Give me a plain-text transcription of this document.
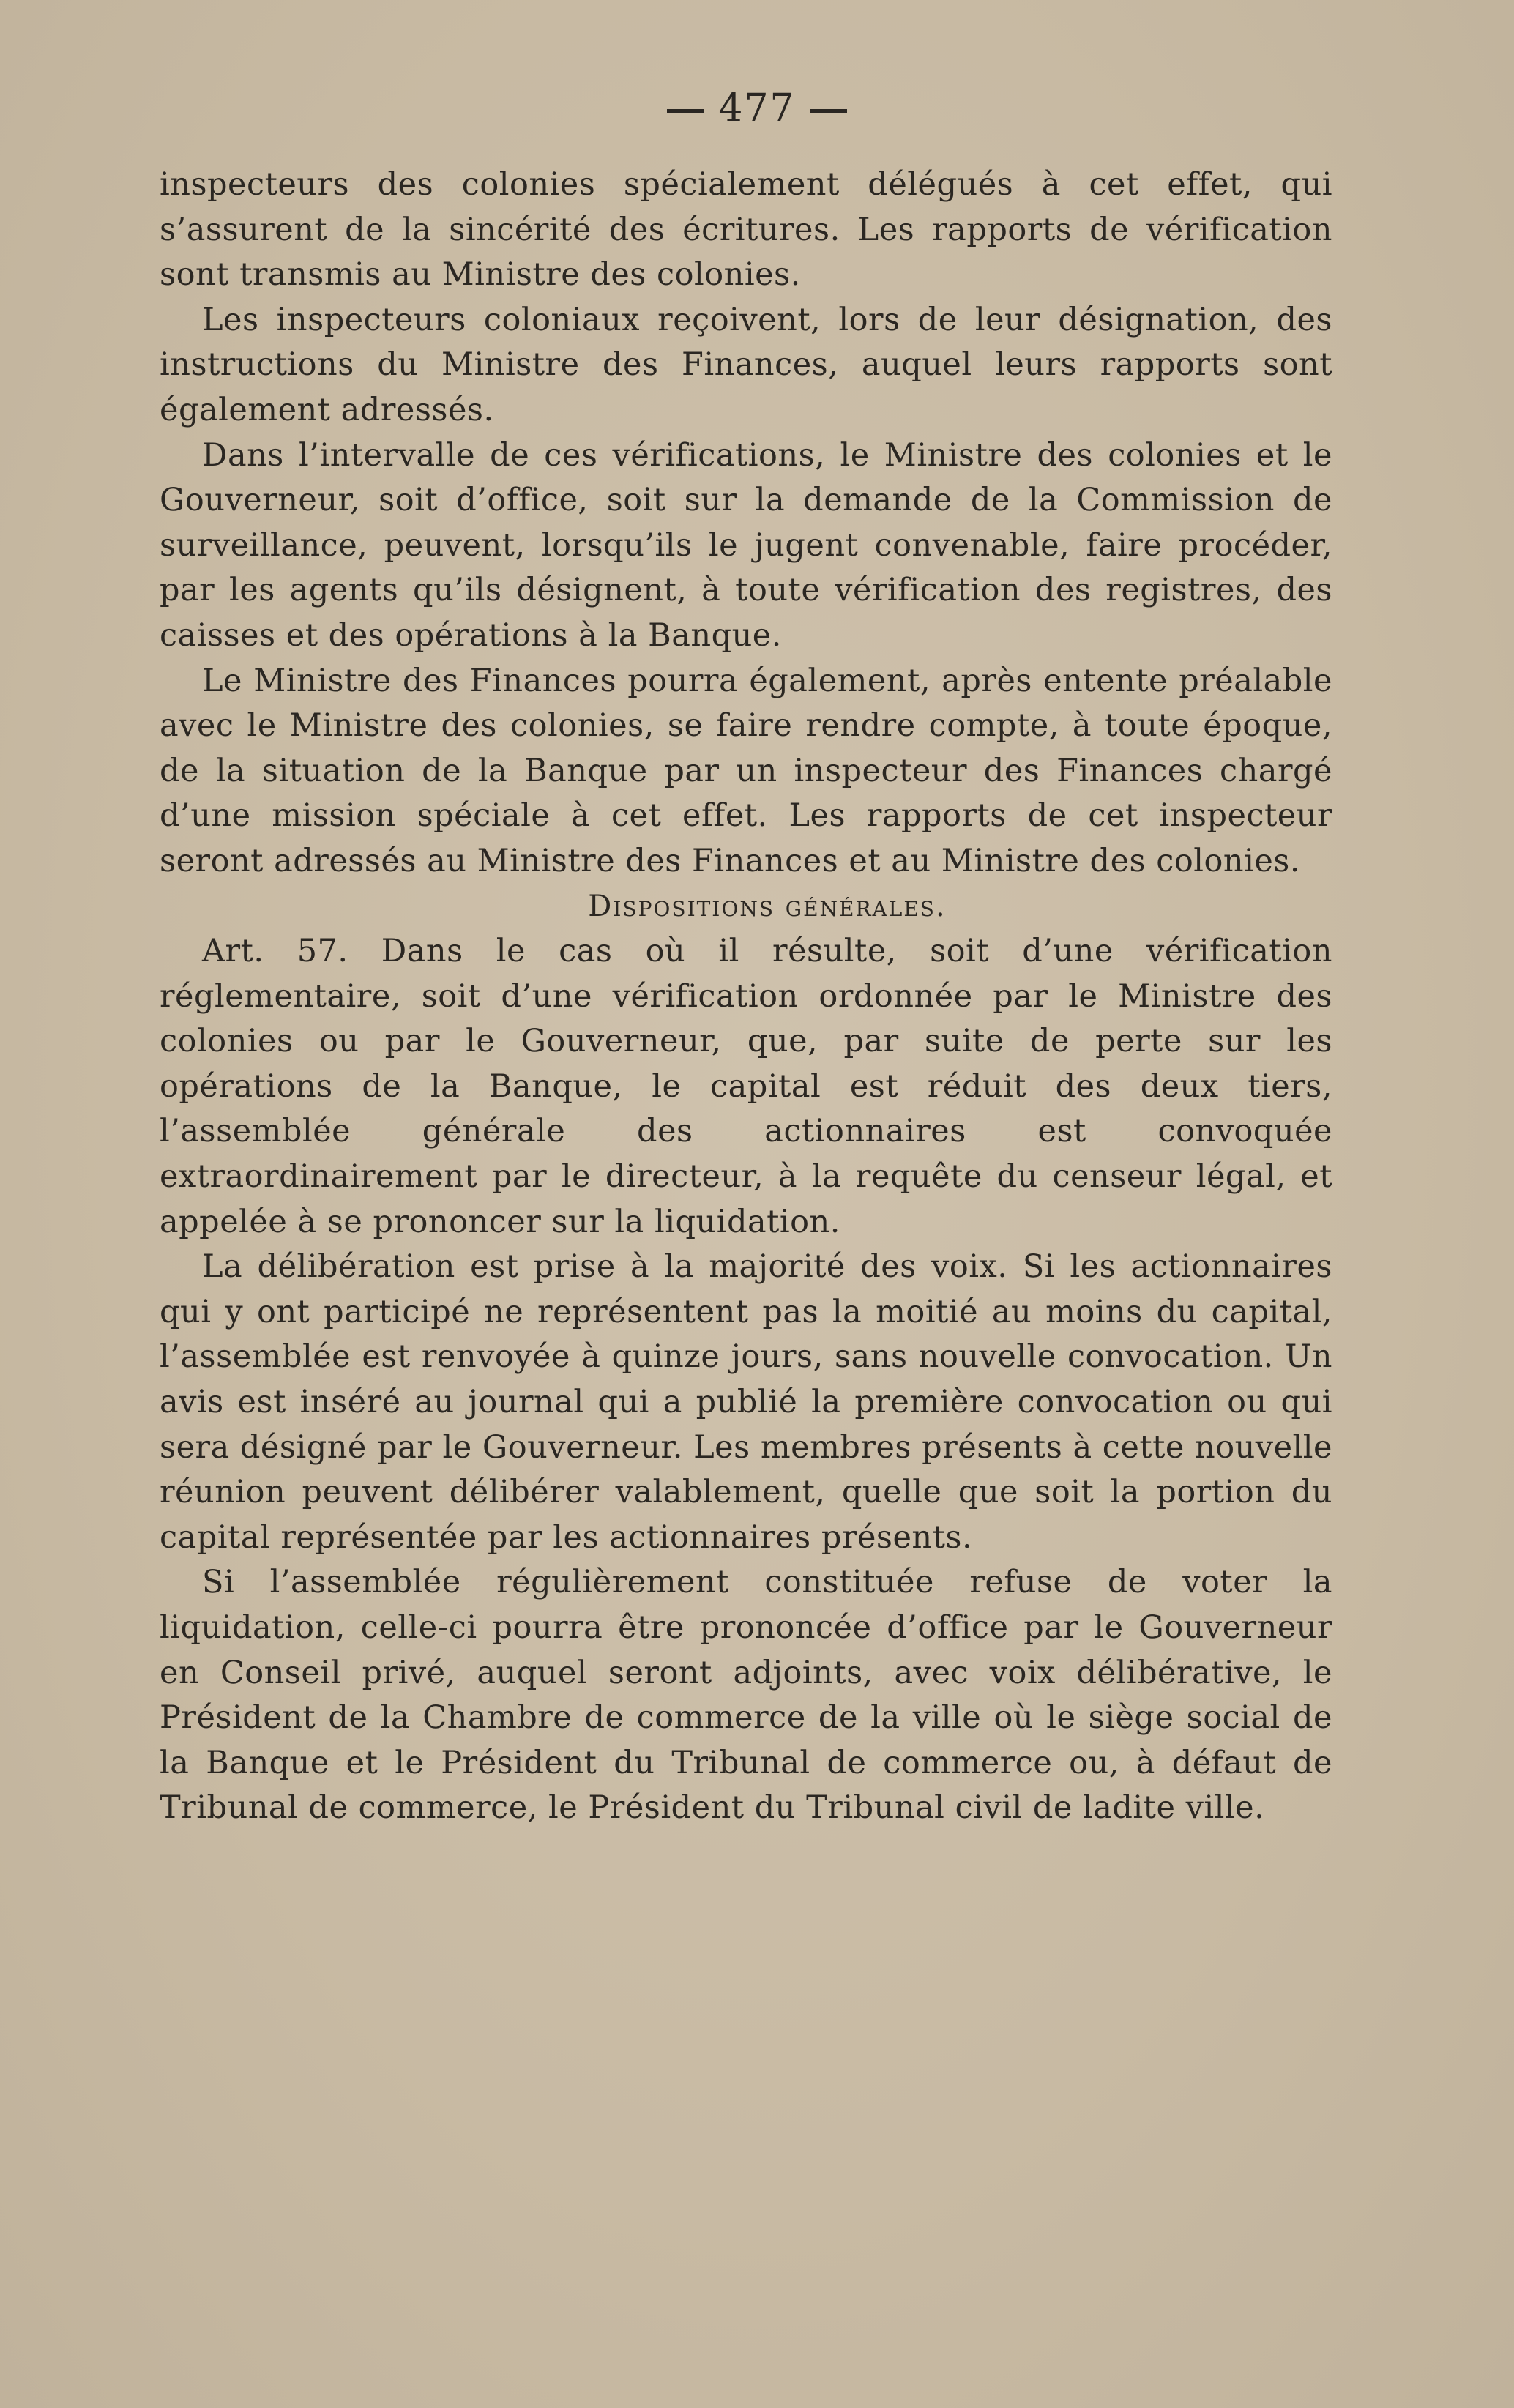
477

inspecteurs des colonies spécialement délégués à cet effet, qui s’assurent de la sincérité des écritures. Les rapports de vérification sont transmis au Ministre des colonies.

Les inspecteurs coloniaux reçoivent, lors de leur désignation, des instructions du Ministre des Finances, auquel leurs rapports sont également adressés.

Dans l’intervalle de ces vérifications, le Ministre des colonies et le Gouverneur, soit d’office, soit sur la demande de la Commission de surveillance, peuvent, lorsqu’ils le jugent convenable, faire procéder, par les agents qu’ils désignent, à toute vérification des registres, des caisses et des opérations à la Banque.

Le Ministre des Finances pourra également, après entente préalable avec le Ministre des colonies, se faire rendre compte, à toute époque, de la situation de la Banque par un inspecteur des Finances chargé d’une mission spéciale à cet effet. Les rapports de cet inspecteur seront adressés au Ministre des Finances et au Ministre des colonies.

Dispositions générales.

Art. 57. Dans le cas où il résulte, soit d’une vérification réglementaire, soit d’une vérification ordonnée par le Ministre des colonies ou par le Gouverneur, que, par suite de perte sur les opérations de la Banque, le capital est réduit des deux tiers, l’assemblée générale des actionnaires est convoquée extraordinairement par le directeur, à la requête du censeur légal, et appelée à se prononcer sur la liquidation.

La délibération est prise à la majorité des voix. Si les actionnaires qui y ont participé ne représentent pas la moitié au moins du capital, l’assemblée est renvoyée à quinze jours, sans nouvelle convocation. Un avis est inséré au journal qui a publié la première convocation ou qui sera désigné par le Gouverneur. Les membres présents à cette nouvelle réunion peuvent délibérer valablement, quelle que soit la portion du capital représentée par les actionnaires présents.

Si l’assemblée régulièrement constituée refuse de voter la liquidation, celle-ci pourra être prononcée d’office par le Gouverneur en Conseil privé, auquel seront adjoints, avec voix délibérative, le Président de la Chambre de commerce de la ville où le siège social de la Banque et le Président du Tribunal de commerce ou, à défaut de Tribunal de commerce, le Président du Tribunal civil de ladite ville.
